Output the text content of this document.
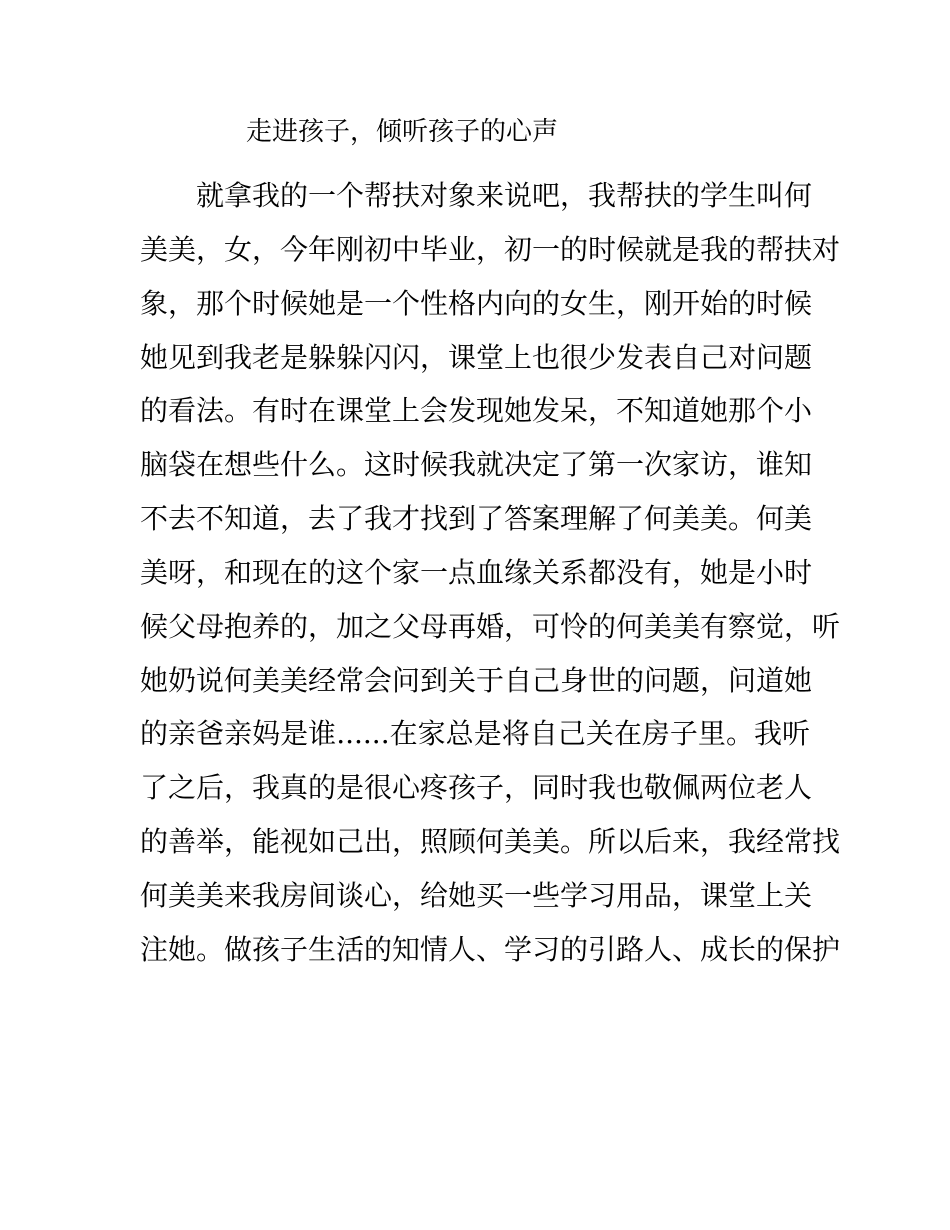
走进孩子，倾听孩子的心声
就拿我的一个帮扶对象来说吧，我帮扶的学生叫何
美美，女，今年刚初中毕业，初一的时候就是我的帮扶对
象，那个时候她是一个性格内向的女生，刚开始的时候
她见到我老是躲躲闪闪，课堂上也很少发表自己对问题
的看法。有时在课堂上会发现她发呆，不知道她那个小
脑袋在想些什么。这时候我就决定了第一次家访，谁知
不去不知道，去了我才找到了答案理解了何美美。何美
美呀，和现在的这个家一点血缘关系都没有，她是小时
候父母抱养的，加之父母再婚，可怜的何美美有察觉，听
她奶说何美美经常会问到关于自己身世的问题，问道她
的亲爸亲妈是谁......在家总是将自己关在房子里。我听
了之后，我真的是很心疼孩子，同时我也敬佩两位老人
的善举，能视如己出，照顾何美美。所以后来，我经常找
何美美来我房间谈心，给她买一些学习用品，课堂上关
注她。做孩子生活的知情人、学习的引路人、成长的保护
